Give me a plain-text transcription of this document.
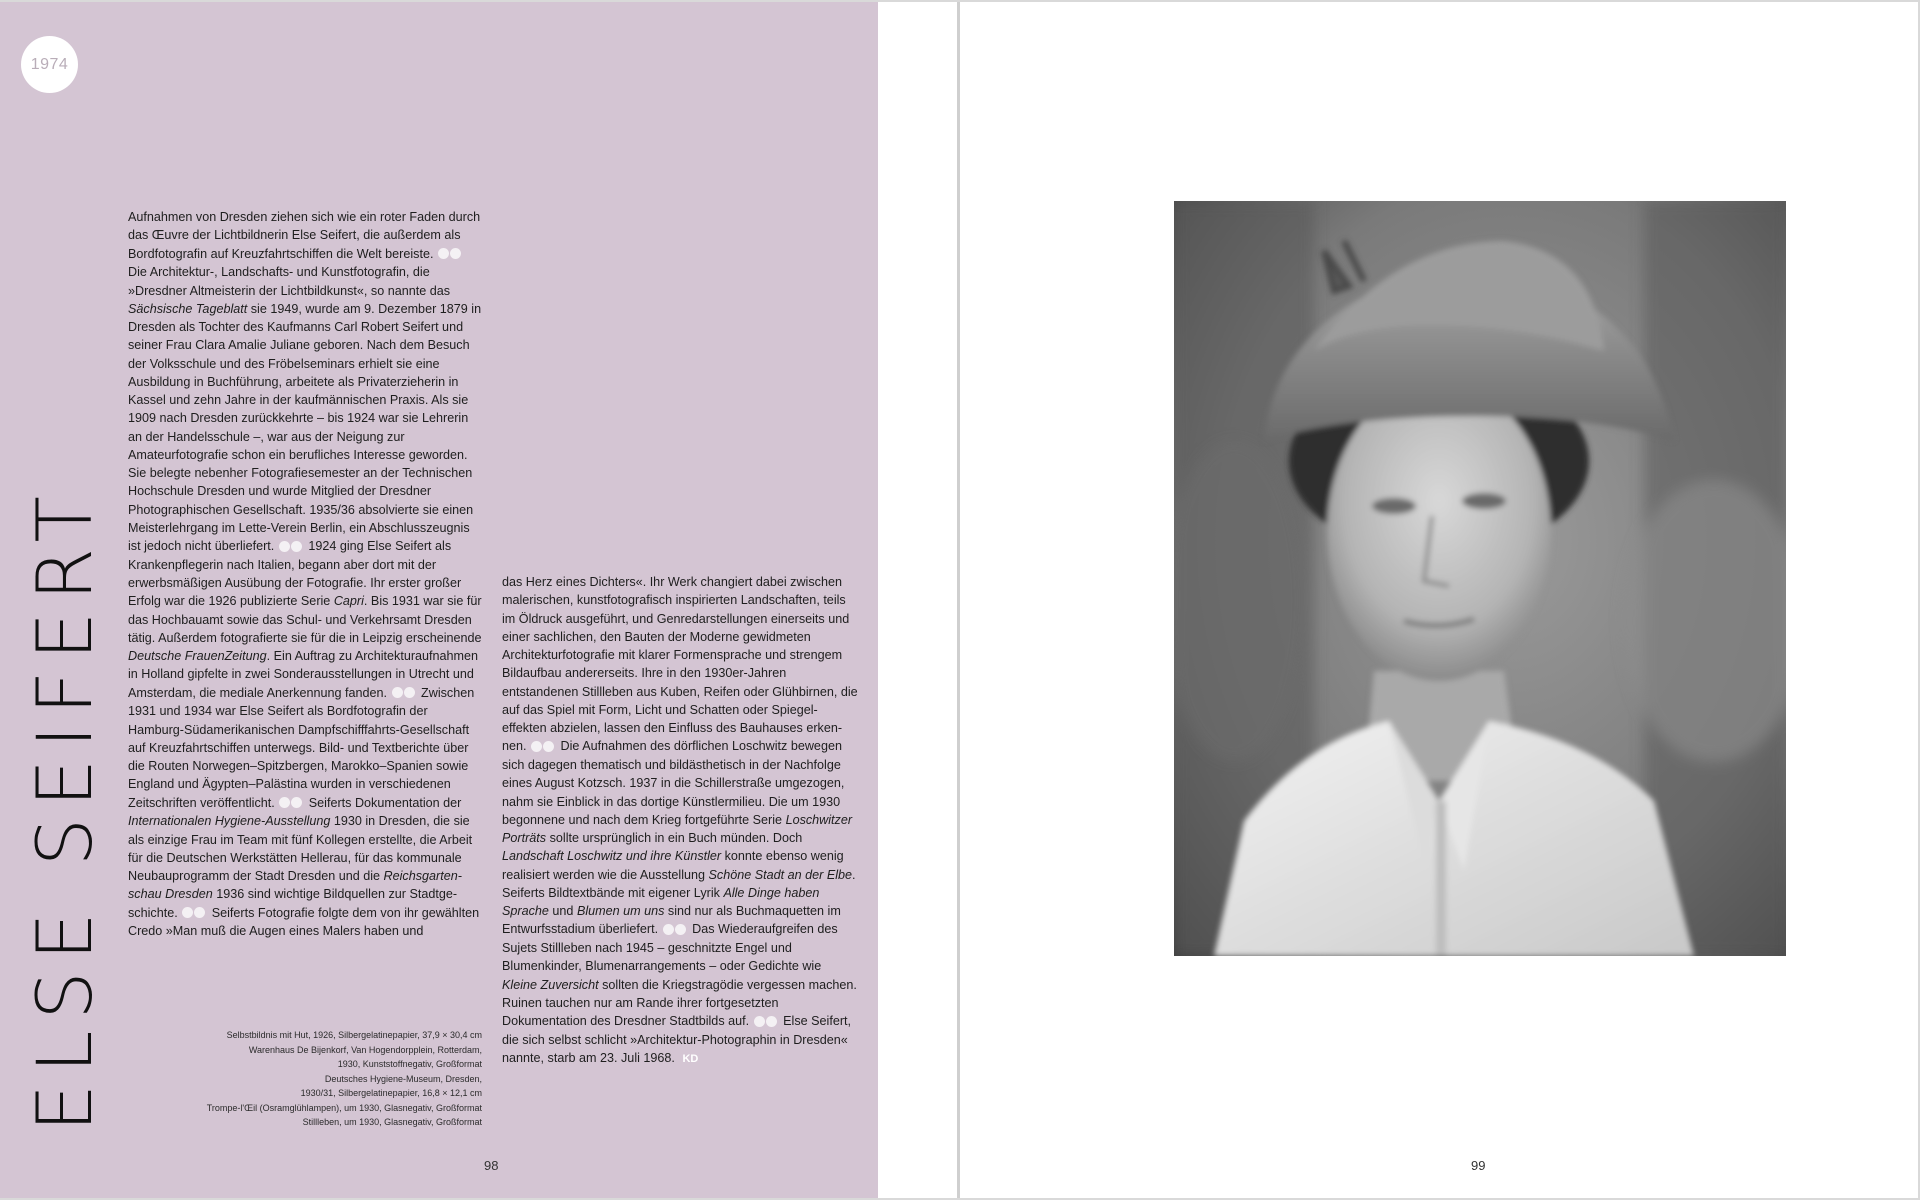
1974
ELSE SEIFERT

Aufnahmen von Dresden ziehen sich wie ein roter Faden durch das Œuvre der Lichtbildnerin Else Seifert, die außerdem als Bordfotografin auf Kreuzfahrtschiffen die Welt bereiste.  Die Architektur-, Landschafts- und Kunstfotografin, die »Dresdner Altmeisterin der Lichtbildkunst«, so nannte das Sächsische Tageblatt sie 1949, wurde am 9. Dezember 1879 in Dresden als Tochter des Kaufmanns Carl Robert Seifert und seiner Frau Clara Amalie Juliane geboren. Nach dem Besuch der Volksschule und des Fröbelseminars erhielt sie eine Ausbildung in Buchführung, arbeitete als Privaterzieherin in Kassel und zehn Jahre in der kaufmännischen Praxis. Als sie 1909 nach Dresden zurückkehrte – bis 1924 war sie Lehrerin an der Handelsschule –, war aus der Neigung zur Amateurfotografie schon ein berufliches Interesse geworden. Sie belegte nebenher Fotografiesemester an der Technischen Hochschule Dresden und wurde Mitglied der Dresdner Photographischen Gesellschaft. 1935/36 absolvierte sie einen Meisterlehrgang im Lette-Verein Berlin, ein Abschlusszeugnis ist jedoch nicht überliefert.	1924 ging Else Seifert als Krankenpflegerin nach Italien, begann aber dort mit der erwerbsmäßigen Ausübung der Fotografie. Ihr erster großer Erfolg war die 1926 publizierte Serie Capri. Bis 1931 war sie für das Hochbauamt sowie das Schul- und Verkehrsamt Dresden tätig. Außerdem fotografierte sie für die in Leipzig erscheinende Deutsche FrauenZeitung. Ein Auftrag zu Architekturaufnahmen in Holland gipfelte in zwei Sonderausstellungen in Utrecht und Amsterdam, die mediale Anerkennung fanden.	Zwischen 1931 und 1934 war Else Seifert als Bordfotografin der Hamburg-Südamerikanischen Dampfschifffahrts-Gesellschaft auf Kreuzfahrtschiffen unterwegs. Bild- und Textberichte über die Routen Norwegen–Spitzbergen, Marokko–Spanien sowie England und Ägypten–Palästina wurden in verschiedenen Zeitschriften veröffentlicht.	Seiferts Dokumentation der Internationalen Hygiene-Ausstellung 1930 in Dresden, die sie als einzige Frau im Team mit fünf Kollegen erstellte, die Arbeit für die Deutschen Werkstätten Hellerau, für das kommunale Neubauprogramm der Stadt Dresden und die Reichsgartenschau Dresden 1936 sind wichtige Bildquellen zur Stadtgeschichte.	Seiferts Fotografie folgte dem von ihr gewählten Credo »Man muß die Augen eines Malers haben und

das Herz eines Dichters«. Ihr Werk changiert dabei zwischen malerischen, kunstfotografisch inspirierten Landschaften, teils im Öldruck ausgeführt, und Genredarstellungen einerseits und einer sachlichen, den Bauten der Moderne gewidmeten Architekturfotografie mit klarer Formensprache und strengem Bildaufbau andererseits. Ihre in den 1930er-Jahren entstandenen Stillleben aus Kuben, Reifen oder Glühbirnen, die auf das Spiel mit Form, Licht und Schatten oder Spiegeleffekten abzielen, lassen den Einfluss des Bauhauses erkennen.	Die Aufnahmen des dörflichen Loschwitz bewegen sich dagegen thematisch und bildästhetisch in der Nachfolge eines August Kotzsch. 1937 in die Schillerstraße umgezogen, nahm sie Einblick in das dortige Künstlermilieu. Die um 1930 begonnene und nach dem Krieg fortgeführte Serie Loschwitzer Porträts sollte ursprünglich in ein Buch münden. Doch Landschaft Loschwitz und ihre Künstler konnte ebenso wenig realisiert werden wie die Ausstellung Schöne Stadt an der Elbe. Seiferts Bildtextbände mit eigener Lyrik Alle Dinge haben Sprache und Blumen um uns sind nur als Buchmaquetten im Entwurfsstadium überliefert.	Das Wiederaufgreifen des Sujets Stillleben nach 1945 – geschnitzte Engel und Blumenkinder, Blumenarrangements – oder Gedichte wie Kleine Zuversicht sollten die Kriegstragödie vergessen machen. Ruinen tauchen nur am Rande ihrer fortgesetzten Dokumentation des Dresdner Stadtbilds auf.	Else Seifert, die sich selbst schlicht »Architektur-Photographin in Dresden« nannte, starb am 23. Juli 1968. KD

Selbstbildnis mit Hut, 1926, Silbergelatinepapier, 37,9 × 30,4 cm
Warenhaus De Bijenkorf, Van Hogendorpplein, Rotterdam,
1930, Kunststoffnegativ, Großformat
Deutsches Hygiene-Museum, Dresden,
1930/31, Silbergelatinepapier, 16,8 × 12,1 cm
Trompe-l'Œil (Osramglühlampen), um 1930, Glasnegativ, Großformat
Stillleben, um 1930, Glasnegativ, Großformat
98	99
